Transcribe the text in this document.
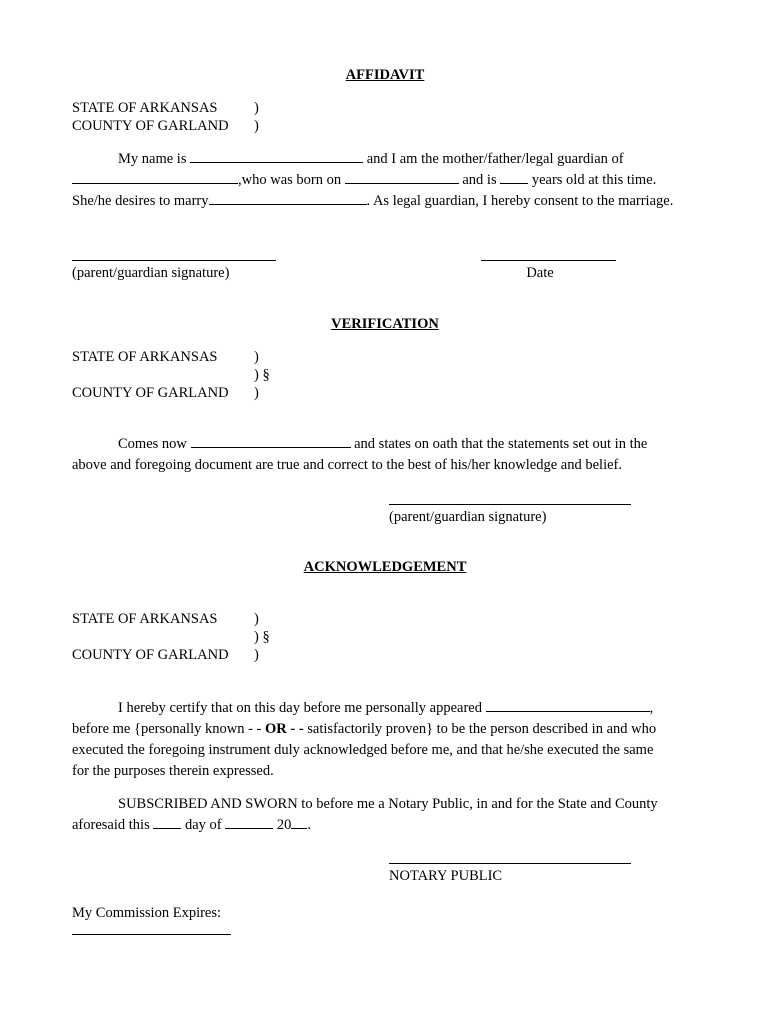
AFFIDAVIT
STATE OF ARKANSAS	)
COUNTY OF GARLAND )

My name is	and I am the mother/father/legal guardian of

,who was born on	and is years old at this time.

She/he desires to marry	. As legal guardian, I hereby consent to the marriage.

(parent/guardian signature)	Date
VERIFICATION
STATE OF ARKANSAS	)
) §
COUNTY OF GARLAND )

Comes now	and states on oath that the statements set out in the

above and foregoing document are true and correct to the best of his/her knowledge and belief.

(parent/guardian signature)
ACKNOWLEDGEMENT
STATE OF ARKANSAS	)
) §
COUNTY OF GARLAND )

I hereby certify that on this day before me personally appeared	,

before me {personally known - - OR - - satisfactorily proven} to be the person described in and who

executed the foregoing instrument duly acknowledged before me, and that he/she executed the same

for the purposes therein expressed.

SUBSCRIBED AND SWORN to before me a Notary Public, in and for the State and County

aforesaid this day of	20 .

NOTARY PUBLIC
My Commission Expires:
